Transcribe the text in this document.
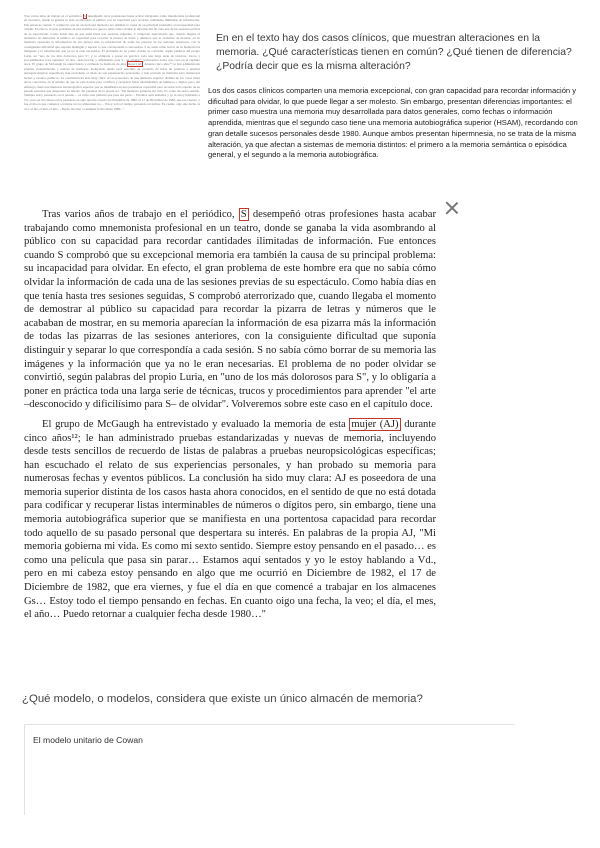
Tras varios años de trabajo en el periódico, S desempeñó otras profesiones hasta acabar trabajando como mnemonista profesional en un teatro, donde se ganaba la vida asombrando al público con su capacidad para recordar cantidades ilimitadas de información. Fue entonces cuando S comprobó que su excepcional memoria era también la causa de su principal problema: su incapacidad para olvidar. En efecto, el gran problema de este hombre era que no sabía cómo olvidar la información de cada una de las sesiones previas de su espectáculo. Como había días en que tenía hasta tres sesiones seguidas, S comprobó aterrorizado que, cuando llegaba el momento de demostrar al público su capacidad para recordar la pizarra de letras y números que le acababan de mostrar, en su memoria aparecían la información de esa pizarra más la información de todas las pizarras de las sesiones anteriores, con la consiguiente dificultad que suponía distinguir y separar lo que correspondía a cada sesión. S no sabía cómo borrar de su memoria las imágenes y la información que ya no le eran necesarias. El problema de no poder olvidar se convirtió, según palabras del propio Luria, en "uno de los más dolorosos para S", y lo obligaría a poner en práctica toda una larga serie de técnicas, trucos y procedimientos para aprender "el arte –desconocido y dificilísimo para S– de olvidar". Volveremos sobre este caso en el capítulo doce. El grupo de McGaugh ha entrevistado y evaluado la memoria de esta mujer (AJ) durante cinco años¹²; le han administrado pruebas estandarizadas y nuevas de memoria, incluyendo desde tests sencillos de recuerdo de listas de palabras a pruebas neuropsicológicas específicas; han escuchado el relato de sus experiencias personales, y han probado su memoria para numerosas fechas y eventos públicos. La conclusión ha sido muy clara: AJ es poseedora de una memoria superior distinta de los casos hasta ahora conocidos, en el sentido de que no está dotada para codificar y recuperar listas interminables de números o dígitos pero, sin embargo, tiene una memoria autobiográfica superior que se manifiesta en una portentosa capacidad para recordar todo aquello de su pasado personal que despertara su interés. En palabras de la propia AJ, "Mi memoria gobierna mi vida. Es como mi sexto sentido. Siempre estoy pensando en el pasado… es como una película que pasa sin parar… Estamos aquí sentados y yo le estoy hablando a Vd., pero en mi cabeza estoy pensando en algo que me ocurrió en Diciembre de 1982, el 17 de Diciembre de 1982, que era viernes, y fue el día en que comencé a trabajar en los almacenes Gs… Estoy todo el tiempo pensando en fechas. En cuanto oigo una fecha, la veo; el día, el mes, el año… Puedo retornar a cualquier fecha desde 1980…"

En en el texto hay dos casos clínicos, que muestran alteraciones en la memoria. ¿Qué características tienen en común? ¿Qué tienen de diferencia? ¿Podría decir que es la misma alteración?

Los dos casos clínicos comparten una memoria excepcional, con gran capacidad para recordar información y dificultad para olvidar, lo que puede llegar a ser molesto. Sin embargo, presentan diferencias importantes: el primer caso muestra una memoria muy desarrollada para datos generales, como fechas o información aprendida, mientras que el segundo caso tiene una memoria autobiográfica superior (HSAM), recordando con gran detalle sucesos personales desde 1980. Aunque ambos presentan hipermnesia, no se trata de la misma alteración, ya que afectan a sistemas de memoria distintos: el primero a la memoria semántica o episódica general, y el segundo a la memoria autobiográfica.

Tras varios años de trabajo en el periódico, S desempeñó otras profesiones hasta acabar trabajando como mnemonista profesional en un teatro, donde se ganaba la vida asombrando al público con su capacidad para recordar cantidades ilimitadas de información. Fue entonces cuando S comprobó que su excepcional memoria era también la causa de su principal problema: su incapacidad para olvidar. En efecto, el gran problema de este hombre era que no sabía cómo olvidar la información de cada una de las sesiones previas de su espectáculo. Como había días en que tenía hasta tres sesiones seguidas, S comprobó aterrorizado que, cuando llegaba el momento de demostrar al público su capacidad para recordar la pizarra de letras y números que le acababan de mostrar, en su memoria aparecían la información de esa pizarra más la información de todas las pizarras de las sesiones anteriores, con la consiguiente dificultad que suponía distinguir y separar lo que correspondía a cada sesión. S no sabía cómo borrar de su memoria las imágenes y la información que ya no le eran necesarias. El problema de no poder olvidar se convirtió, según palabras del propio Luria, en "uno de los más dolorosos para S", y lo obligaría a poner en práctica toda una larga serie de técnicas, trucos y procedimientos para aprender "el arte –desconocido y dificilísimo para S– de olvidar". Volveremos sobre este caso en el capítulo doce.

El grupo de McGaugh ha entrevistado y evaluado la memoria de esta mujer (AJ) durante cinco años¹²; le han administrado pruebas estandarizadas y nuevas de memoria, incluyendo desde tests sencillos de recuerdo de listas de palabras a pruebas neuropsicológicas específicas; han escuchado el relato de sus experiencias personales, y han probado su memoria para numerosas fechas y eventos públicos. La conclusión ha sido muy clara: AJ es poseedora de una memoria superior distinta de los casos hasta ahora conocidos, en el sentido de que no está dotada para codificar y recuperar listas interminables de números o dígitos pero, sin embargo, tiene una memoria autobiográfica superior que se manifiesta en una portentosa capacidad para recordar todo aquello de su pasado personal que despertara su interés. En palabras de la propia AJ, "Mi memoria gobierna mi vida. Es como mi sexto sentido. Siempre estoy pensando en el pasado… es como una película que pasa sin parar… Estamos aquí sentados y yo le estoy hablando a Vd., pero en mi cabeza estoy pensando en algo que me ocurrió en Diciembre de 1982, el 17 de Diciembre de 1982, que era viernes, y fue el día en que comencé a trabajar en los almacenes Gs… Estoy todo el tiempo pensando en fechas. En cuanto oigo una fecha, la veo; el día, el mes, el año… Puedo retornar a cualquier fecha desde 1980…"

¿Qué modelo, o modelos, considera que existe un único almacén de memoria?

El modelo unitario de Cowan
